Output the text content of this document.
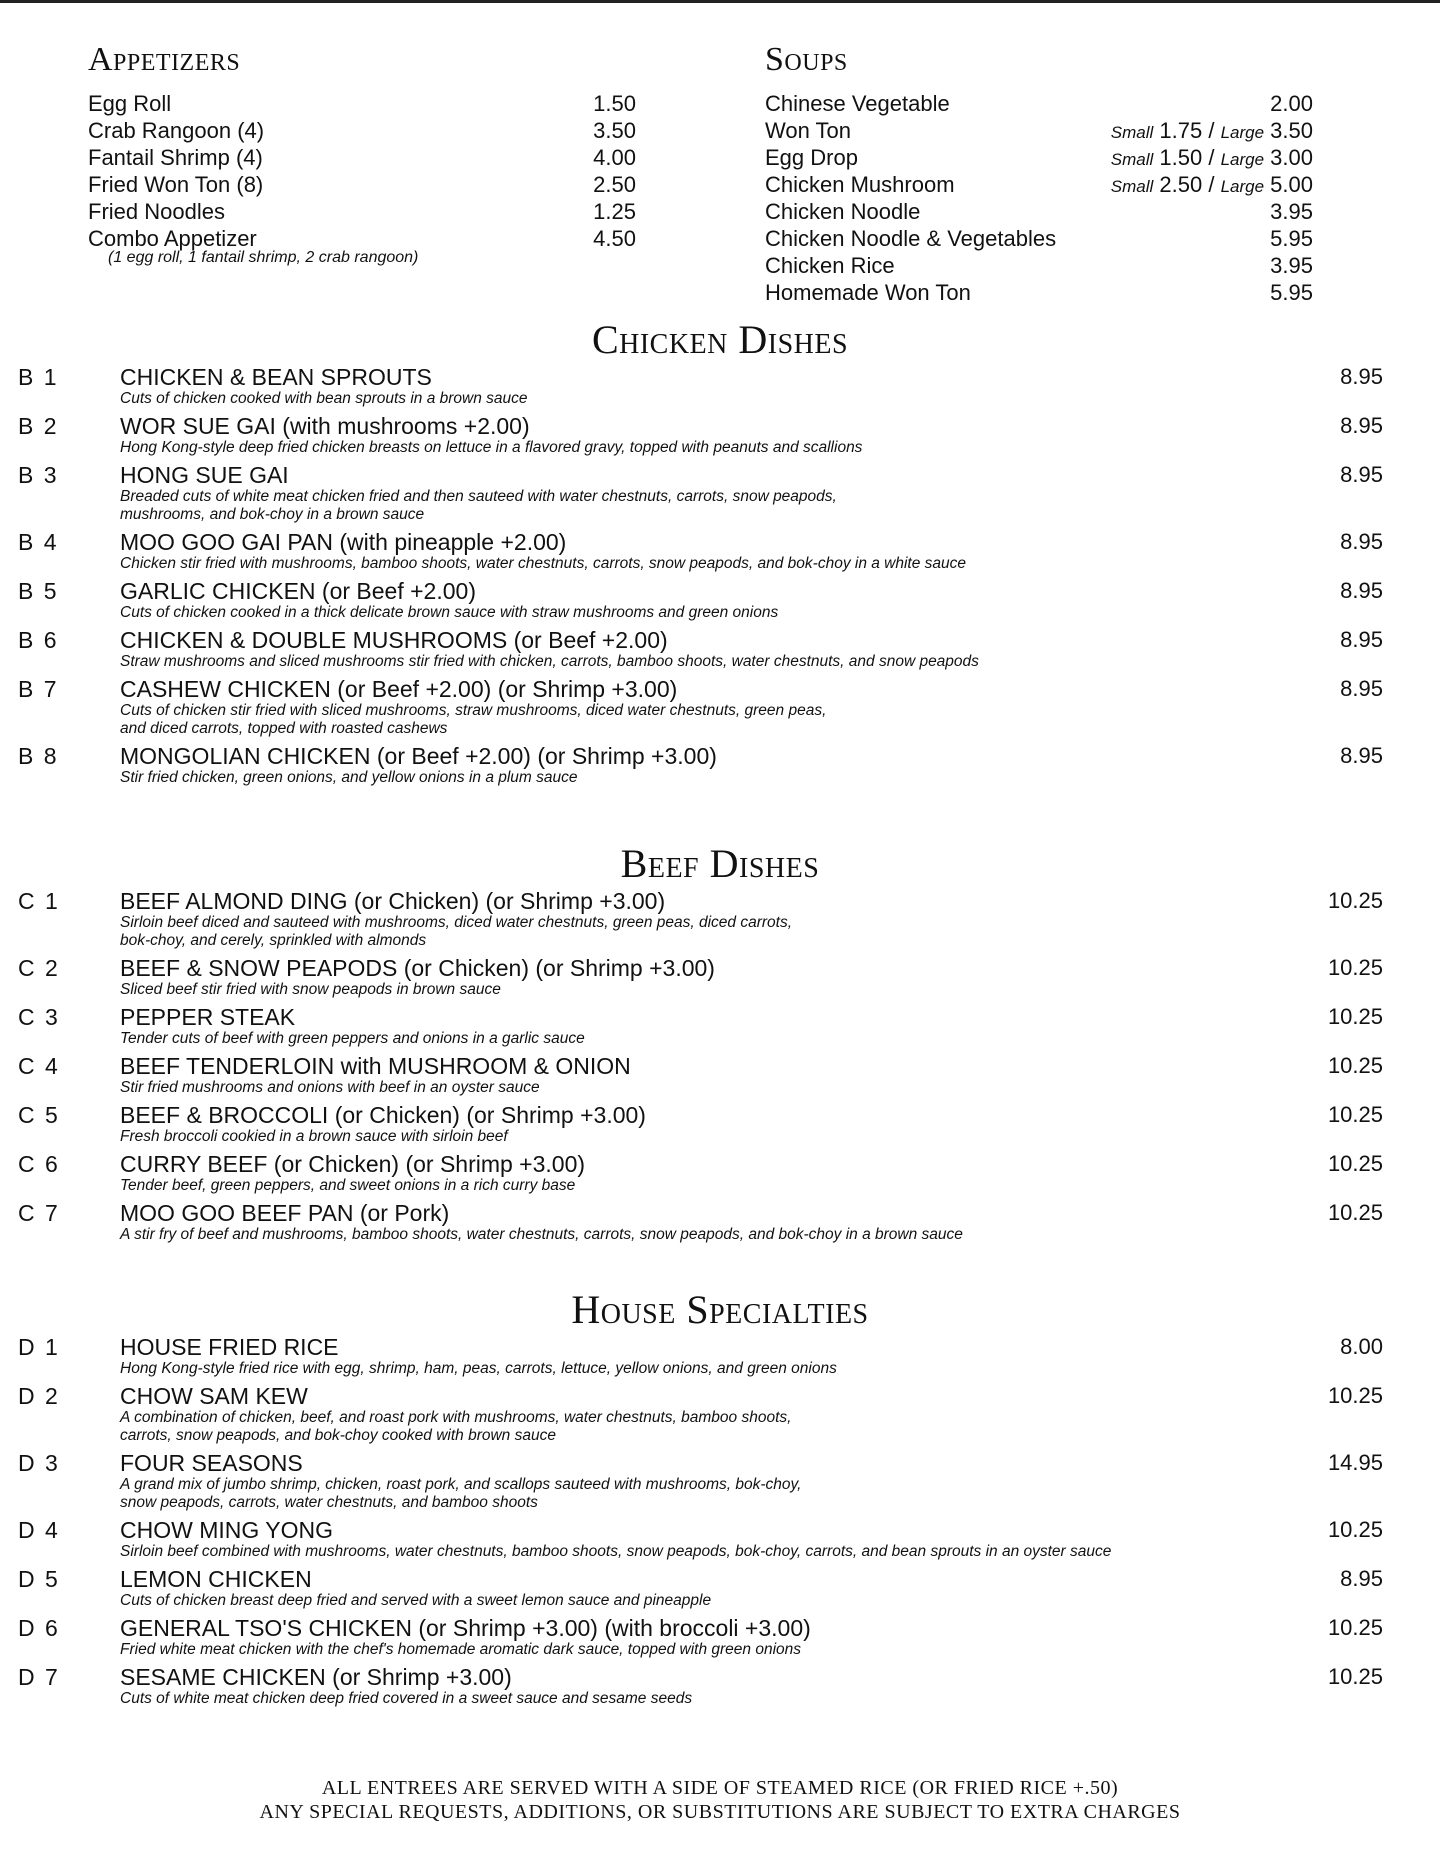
Appetizers
Egg Roll	1.50
Crab Rangoon (4)	3.50
Fantail Shrimp (4)	4.00
Fried Won Ton (8)	2.50
Fried Noodles	1.25
Combo Appetizer	4.50
(1 egg roll, 1 fantail shrimp, 2 crab rangoon)
Soups
Chinese Vegetable	2.00
Won Ton	Small 1.75 / Large 3.50
Egg Drop	Small 1.50 / Large 3.00
Chicken Mushroom	Small 2.50 / Large 5.00
Chicken Noodle	3.95
Chicken Noodle & Vegetables	5.95
Chicken Rice	3.95
Homemade Won Ton	5.95
Chicken Dishes
B 1	CHICKEN & BEAN SPROUTS	8.95
Cuts of chicken cooked with bean sprouts in a brown sauce
B 2	WOR SUE GAI (with mushrooms +2.00)	8.95
Hong Kong-style deep fried chicken breasts on lettuce in a flavored gravy, topped with peanuts and scallions
B 3	HONG SUE GAI	8.95
Breaded cuts of white meat chicken fried and then sauteed with water chestnuts, carrots, snow peapods,
mushrooms, and bok-choy in a brown sauce
B 4	MOO GOO GAI PAN (with pineapple +2.00)	8.95
Chicken stir fried with mushrooms, bamboo shoots, water chestnuts, carrots, snow peapods, and bok-choy in a white sauce
B 5	GARLIC CHICKEN (or Beef +2.00)	8.95
Cuts of chicken cooked in a thick delicate brown sauce with straw mushrooms and green onions
B 6	CHICKEN & DOUBLE MUSHROOMS (or Beef +2.00)	8.95
Straw mushrooms and sliced mushrooms stir fried with chicken, carrots, bamboo shoots, water chestnuts, and snow peapods
B 7	CASHEW CHICKEN (or Beef +2.00) (or Shrimp +3.00)	8.95
Cuts of chicken stir fried with sliced mushrooms, straw mushrooms, diced water chestnuts, green peas,
and diced carrots, topped with roasted cashews
B 8	MONGOLIAN CHICKEN (or Beef +2.00) (or Shrimp +3.00)	8.95
Stir fried chicken, green onions, and yellow onions in a plum sauce
Beef Dishes
C 1	BEEF ALMOND DING (or Chicken) (or Shrimp +3.00)	10.25
Sirloin beef diced and sauteed with mushrooms, diced water chestnuts, green peas, diced carrots,
bok-choy, and cerely, sprinkled with almonds
C 2	BEEF & SNOW PEAPODS (or Chicken) (or Shrimp +3.00)	10.25
Sliced beef stir fried with snow peapods in brown sauce
C 3	PEPPER STEAK	10.25
Tender cuts of beef with green peppers and onions in a garlic sauce
C 4	BEEF TENDERLOIN with MUSHROOM & ONION	10.25
Stir fried mushrooms and onions with beef in an oyster sauce
C 5	BEEF & BROCCOLI (or Chicken) (or Shrimp +3.00)	10.25
Fresh broccoli cookied in a brown sauce with sirloin beef
C 6	CURRY BEEF (or Chicken) (or Shrimp +3.00)	10.25
Tender beef, green peppers, and sweet onions in a rich curry base
C 7	MOO GOO BEEF PAN (or Pork)	10.25
A stir fry of beef and mushrooms, bamboo shoots, water chestnuts, carrots, snow peapods, and bok-choy in a brown sauce
House Specialties
D 1	HOUSE FRIED RICE	8.00
Hong Kong-style fried rice with egg, shrimp, ham, peas, carrots, lettuce, yellow onions, and green onions
D 2	CHOW SAM KEW	10.25
A combination of chicken, beef, and roast pork with mushrooms, water chestnuts, bamboo shoots,
carrots, snow peapods, and bok-choy cooked with brown sauce
D 3	FOUR SEASONS	14.95
A grand mix of jumbo shrimp, chicken, roast pork, and scallops sauteed with mushrooms, bok-choy,
snow peapods, carrots, water chestnuts, and bamboo shoots
D 4	CHOW MING YONG	10.25
Sirloin beef combined with mushrooms, water chestnuts, bamboo shoots, snow peapods, bok-choy, carrots, and bean sprouts in an oyster sauce
D 5	LEMON CHICKEN	8.95
Cuts of chicken breast deep fried and served with a sweet lemon sauce and pineapple
D 6	GENERAL TSO'S CHICKEN (or Shrimp +3.00) (with broccoli +3.00)	10.25
Fried white meat chicken with the chef's homemade aromatic dark sauce, topped with green onions
D 7	SESAME CHICKEN (or Shrimp +3.00)	10.25
Cuts of white meat chicken deep fried covered in a sweet sauce and sesame seeds
ALL ENTREES ARE SERVED WITH A SIDE OF STEAMED RICE (OR FRIED RICE +.50)
ANY SPECIAL REQUESTS, ADDITIONS, OR SUBSTITUTIONS ARE SUBJECT TO EXTRA CHARGES
